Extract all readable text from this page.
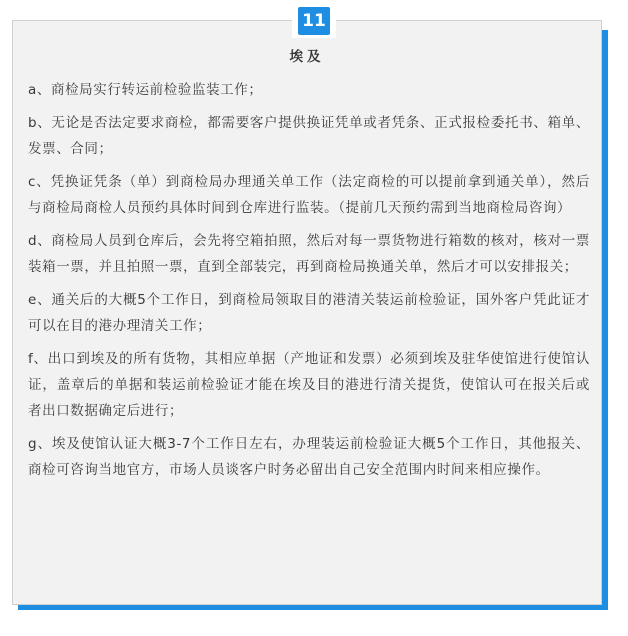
11
埃及

a、商检局实行转运前检验监装工作；

b、无论是否法定要求商检，都需要客户提供换证凭单或者凭条、正式报检委托书、箱单、发票、合同；

c、凭换证凭条（单）到商检局办理通关单工作（法定商检的可以提前拿到通关单），然后与商检局商检人员预约具体时间到仓库进行监装。（提前几天预约需到当地商检局咨询）

d、商检局人员到仓库后，会先将空箱拍照，然后对每一票货物进行箱数的核对，核对一票装箱一票，并且拍照一票，直到全部装完，再到商检局换通关单，然后才可以安排报关；

e、通关后的大概5个工作日，到商检局领取目的港清关装运前检验证，国外客户凭此证才可以在目的港办理清关工作；

f、出口到埃及的所有货物，其相应单据（产地证和发票）必须到埃及驻华使馆进行使馆认证，盖章后的单据和装运前检验证才能在埃及目的港进行清关提货，使馆认可在报关后或者出口数据确定后进行；

g、埃及使馆认证大概3-7个工作日左右，办理装运前检验证大概5个工作日，其他报关、商检可咨询当地官方，市场人员谈客户时务必留出自己安全范围内时间来相应操作。
